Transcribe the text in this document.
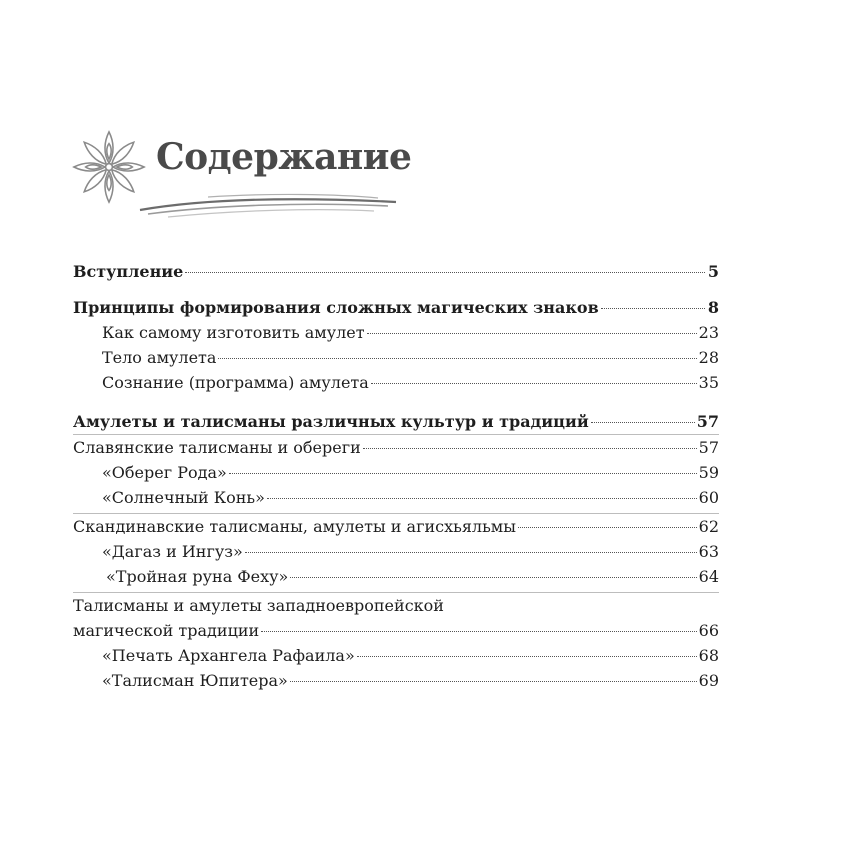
Содержание
Вступление	5
Принципы формирования сложных магических знаков	8
Как самому изготовить амулет	23
Тело амулета	28
Сознание (программа) амулета	35
Амулеты и талисманы различных культур и традиций	57
Славянские талисманы и обереги	57
«Оберег Рода»	59
«Солнечный Конь»	60
Скандинавские талисманы, амулеты и агисхьяльмы	62
«Дагаз и Ингуз»	63
«Тройная руна Феху»	64
Талисманы и амулеты западноевропейской
магической традиции	66
«Печать Архангела Рафаила»	68
«Талисман Юпитера»	69
